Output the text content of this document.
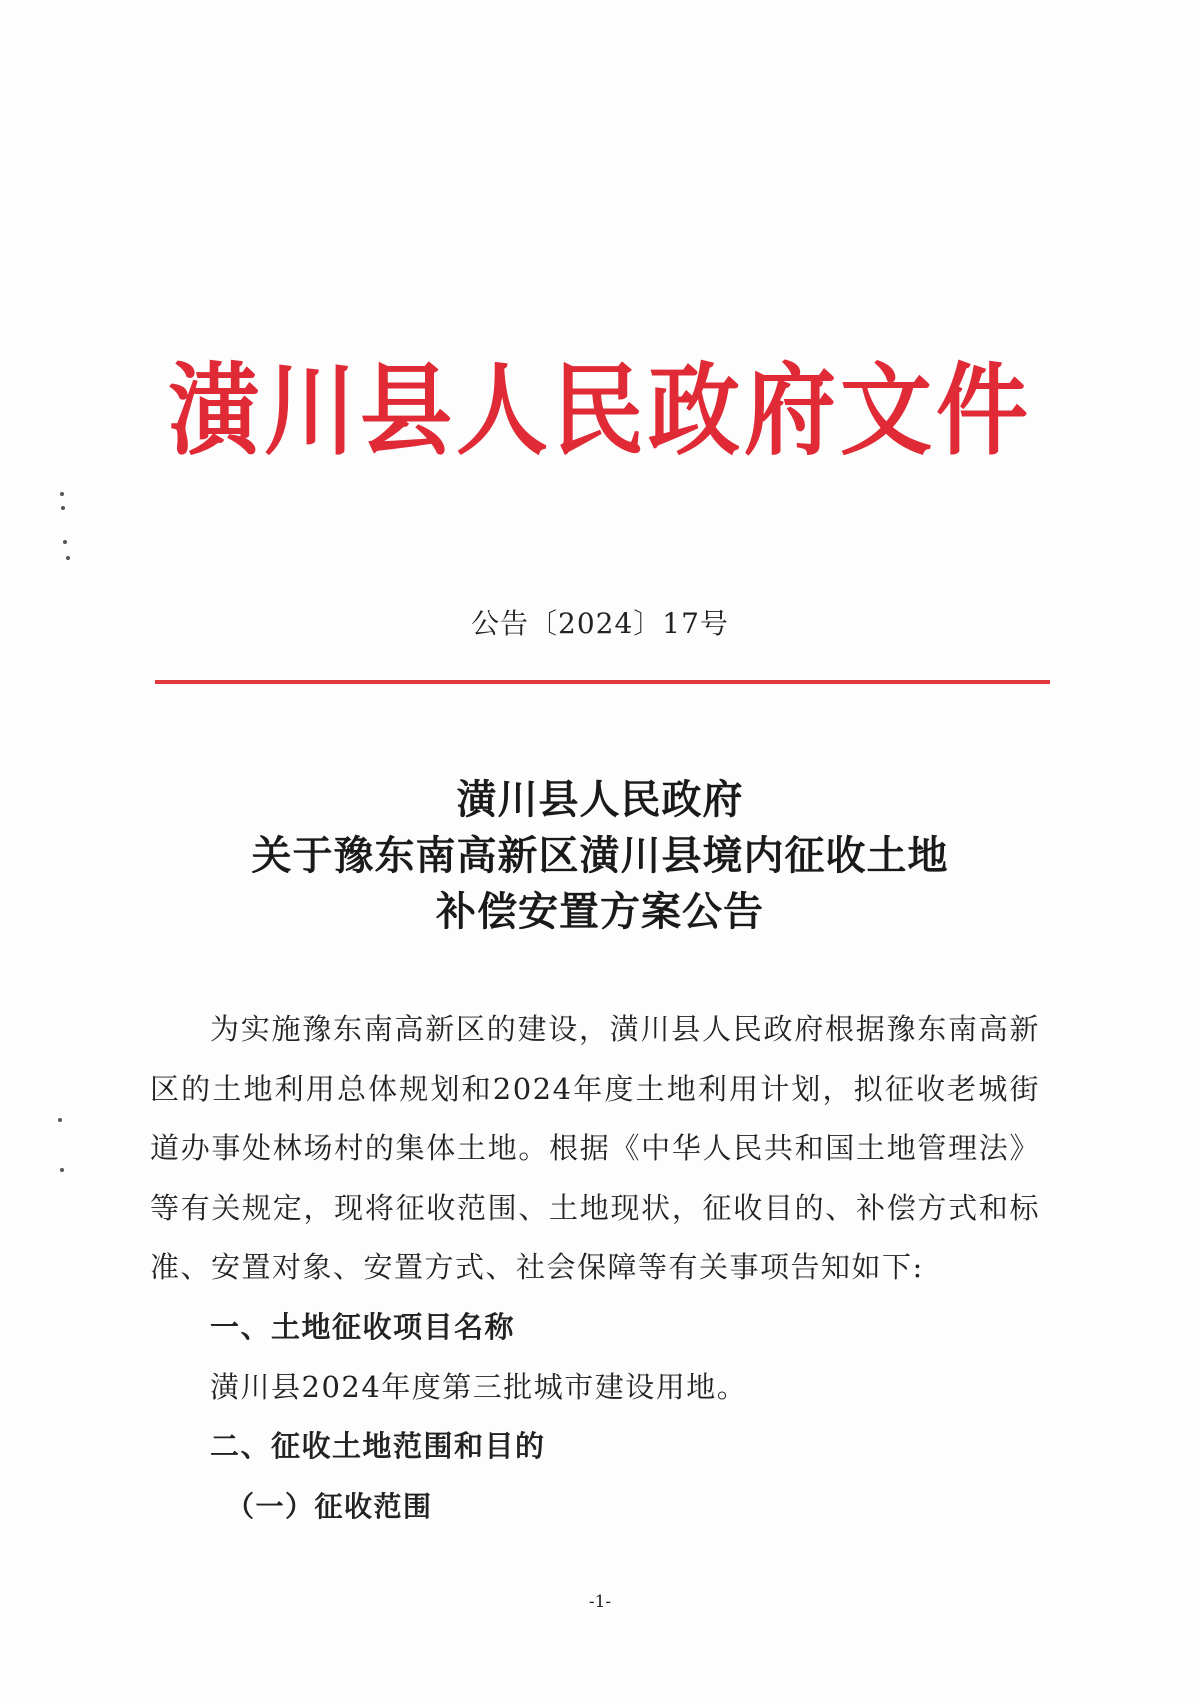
潢川县人民政府文件
公告〔2024〕17号
潢川县人民政府
关于豫东南高新区潢川县境内征收土地
补偿安置方案公告

为实施豫东南高新区的建设，潢川县人民政府根据豫东南高新区的土地利用总体规划和2024年度土地利用计划，拟征收老城街道办事处林场村的集体土地。根据《中华人民共和国土地管理法》等有关规定，现将征收范围、土地现状，征收目的、补偿方式和标准、安置对象、安置方式、社会保障等有关事项告知如下:

一、土地征收项目名称

潢川县2024年度第三批城市建设用地。

二、征收土地范围和目的

（一）征收范围

-1-
